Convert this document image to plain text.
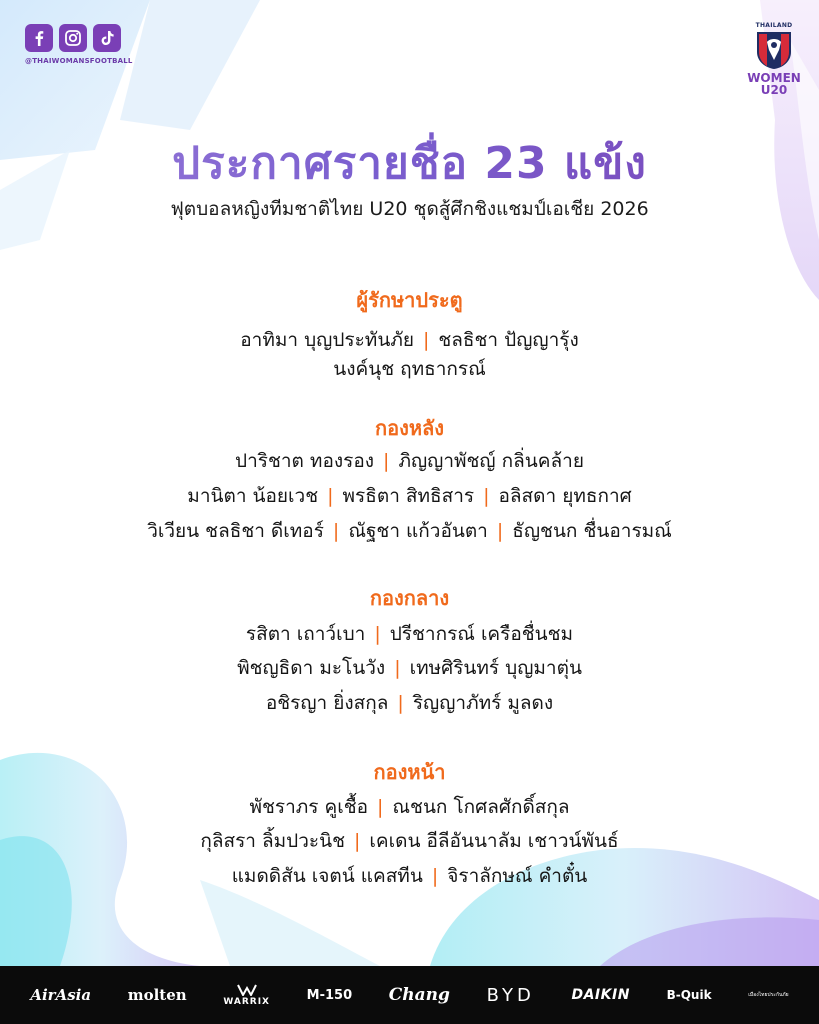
@THAIWOMANSFOOTBALL
THAILAND
WOMEN
U20
ประกาศรายชื่อ 23 แข้ง
ฟุตบอลหญิงทีมชาติไทย U20 ชุดสู้ศึกชิงแชมป์เอเชีย 2026
ผู้รักษาประตู
อาทิมา บุญประทันภัย | ชลธิชา ปัญญารุ้ง
นงค์นุช ฤทธากรณ์
กองหลัง
ปาริชาต ทองรอง | ภิญญาพัชญ์ กลิ่นคล้าย
มานิตา น้อยเวช | พรธิตา สิทธิสาร | อลิสดา ยุทธกาศ
วิเวียน ชลธิชา ดีเทอร์ | ณัฐชา แก้วอันตา | ธัญชนก ชื่นอารมณ์
กองกลาง
รสิตา เถาว์เบา | ปรีชากรณ์ เครือชื่นชม
พิชญธิดา มะโนวัง | เทษศิรินทร์ บุญมาตุ่น
อชิรญา ยิ่งสกุล | ริญญาภัทร์ มูลดง
กองหน้า
พัชราภร คูเชื้อ | ณชนก โกศลศักดิ์สกุล
กุลิสรา ลิ้มปวะนิช | เคเดน อีลีอันนาลัม เชาวน์พันธ์
แมดดิสัน เจตน์ แคสทีน | จิราลักษณ์ คำตั๋น
AirAsia molten	WARRIX	M-150 Chang BYD	DAIKIN	B-Quik	เมืองไทยประกันภัย
